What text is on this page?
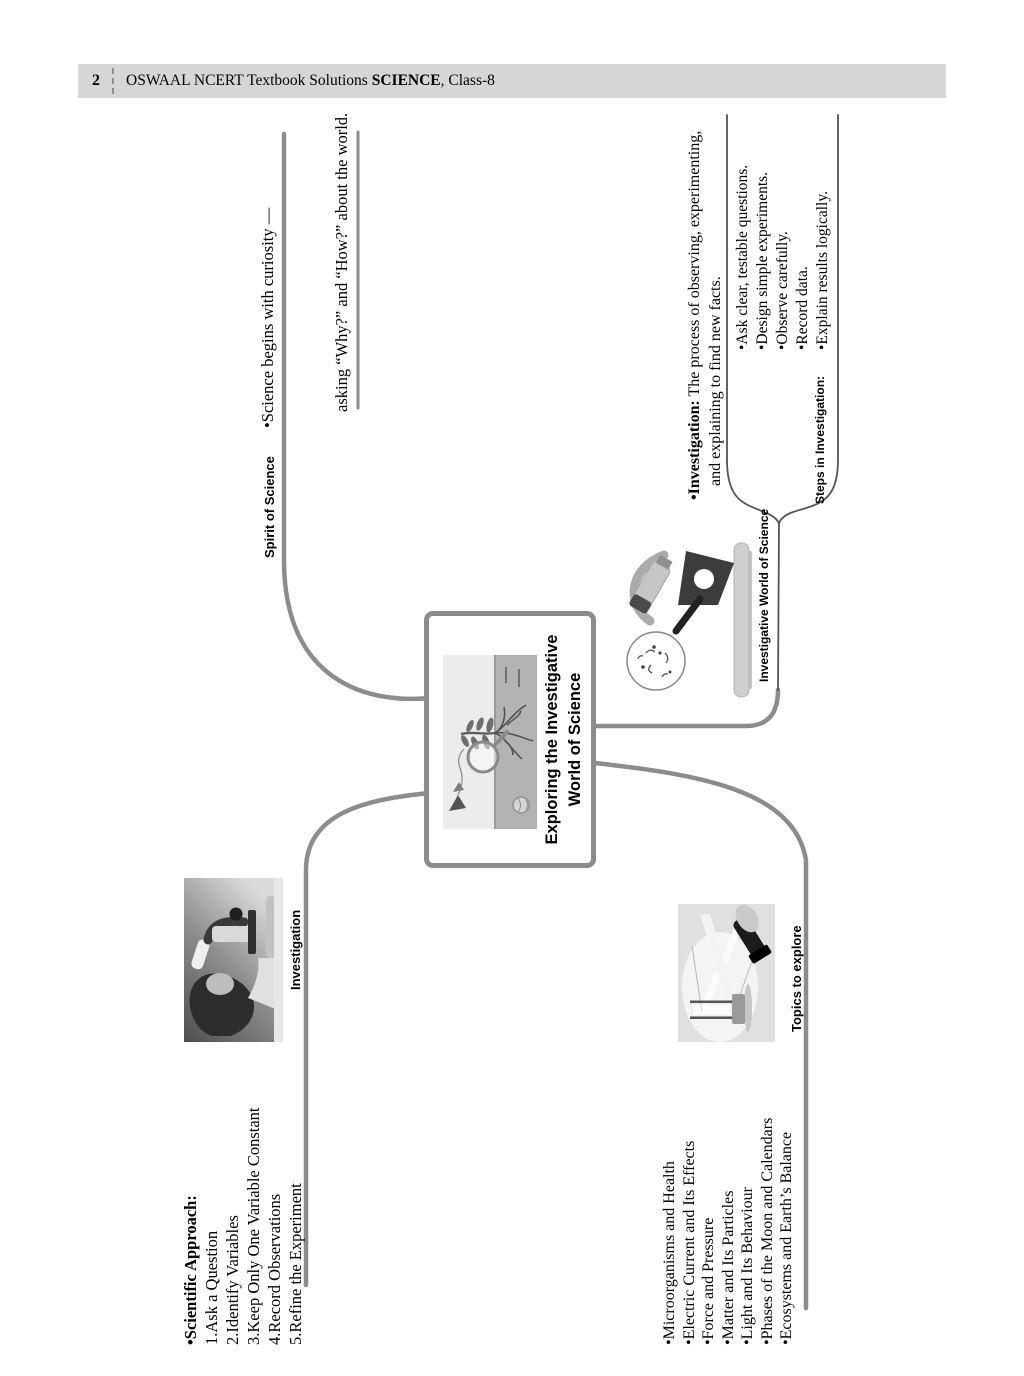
2 OSWAAL NCERT Textbook Solutions SCIENCE, Class-8
Exploring the Investigative World of Science
Spirit of Science
•Science begins with curiosity —	asking “Why?” and “How?” about the world.
Investigation
•Scientific Approach: 1.Ask a Question 2.Identify Variables 3.Keep Only One Variable Constant 4.Record Observations 5.Refine the Experiment
Investigative World of Science
•Investigation: The process of observing, experimenting, and explaining to find new facts.	Steps in Investigation:
•Ask clear, testable questions. •Design simple experiments. •Observe carefully. •Record data. •Explain results logically.
Topics to explore
•Microorganisms and Health •Electric Current and Its Effects •Force and Pressure •Matter and Its Particles •Light and Its Behaviour •Phases of the Moon and Calendars •Ecosystems and Earth’s Balance
